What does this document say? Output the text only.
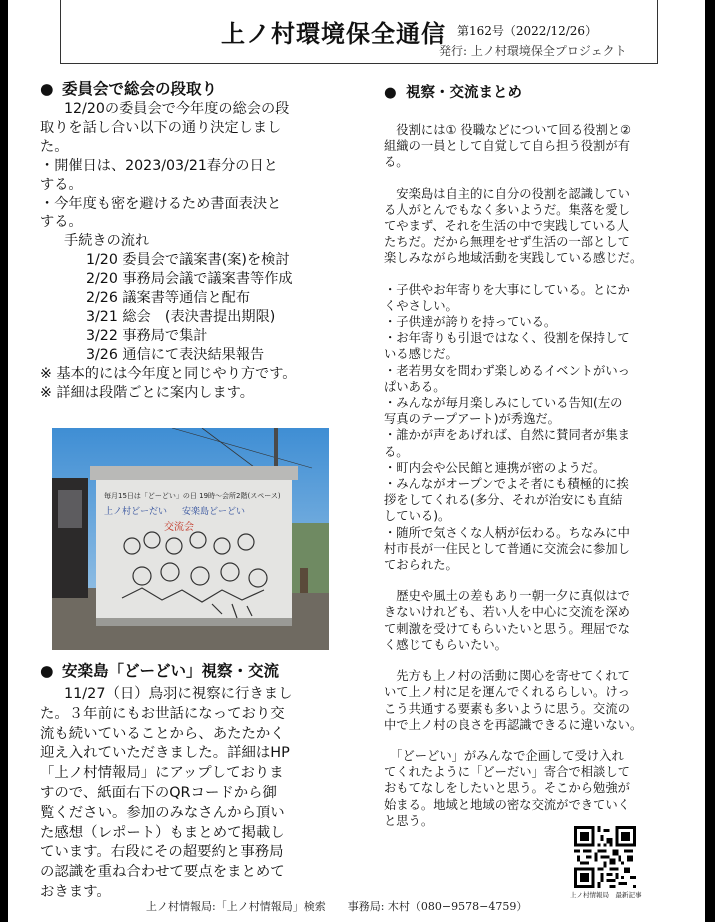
上ノ村環境保全通信 第162号（2022/12/26）
発行: 上ノ村環境保全プロジェクト
● 委員会で総会の段取り

12/20の委員会で今年度の総会の段

取りを話し合い以下の通り決定しまし

た。

・開催日は、2023/03/21春分の日と

する。

・今年度も密を避けるため書面表決と

する。

手続きの流れ

1/20 委員会で議案書(案)を検討

2/20 事務局会議で議案書等作成

2/26 議案書等通信と配布

3/21 総会　(表決書提出期限)

3/22 事務局で集計

3/26 通信にて表決結果報告

※ 基本的には今年度と同じやり方です。

※ 詳細は段階ごとに案内します。

毎月15日は「どーどい」の日 19時〜会所2階(スペース)
上ノ村どーだい 安楽島どーどい
交流会
● 安楽島「どーどい」視察・交流

11/27（日）鳥羽に視察に行きまし

た。３年前にもお世話になっており交

流も続いていることから、あたたかく

迎え入れていただきました。詳細はHP

「上ノ村情報局」にアップしておりま

すので、紙面右下のQRコードから御

覧ください。参加のみなさんから頂い

た感想（レポート）もまとめて掲載し

ています。右段にその超要約と事務局

の認識を重ね合わせて要点をまとめて

おきます。

● 視察・交流まとめ

　役割には① 役職などについて回る役割と②

組織の一員として自覚して自ら担う役割が有

る。

　安楽島は自主的に自分の役割を認識してい

る人がとんでもなく多いようだ。集落を愛し

てやまず、それを生活の中で実践している人

たちだ。だから無理をせず生活の一部として

楽しみながら地域活動を実践している感じだ。

・子供やお年寄りを大事にしている。とにか

くやさしい。

・子供達が誇りを持っている。

・お年寄りも引退ではなく、役割を保持して

いる感じだ。

・老若男女を問わず楽しめるイベントがいっ

ぱいある。

・みんなが毎月楽しみにしている告知(左の

写真のテープアート)が秀逸だ。

・誰かが声をあげれば、自然に賛同者が集ま

る。

・町内会や公民館と連携が密のようだ。

・みんながオープンでよそ者にも積極的に挨

拶をしてくれる(多分、それが治安にも直結

している)。

・随所で気さくな人柄が伝わる。ちなみに中

村市長が一住民として普通に交流会に参加し

ておられた。

　歴史や風土の差もあり一朝一夕に真似はで

きないけれども、若い人を中心に交流を深め

て刺激を受けてもらいたいと思う。理屈でな

く感じてもらいたい。

　先方も上ノ村の活動に関心を寄せてくれて

いて上ノ村に足を運んでくれるらしい。けっ

こう共通する要素も多いように思う。交流の

中で上ノ村の良さを再認識できるに違いない。

　「どーどい」がみんなで企画して受け入れ

てくれたように「どーだい」寄合で相談して

おもてなしをしたいと思う。そこから勉強が

始まる。地域と地域の密な交流ができていく

と思う。

上ノ村情報局　最新記事
上ノ村情報局:「上ノ村情報局」検索　　事務局: 木村（080−9578−4759）
